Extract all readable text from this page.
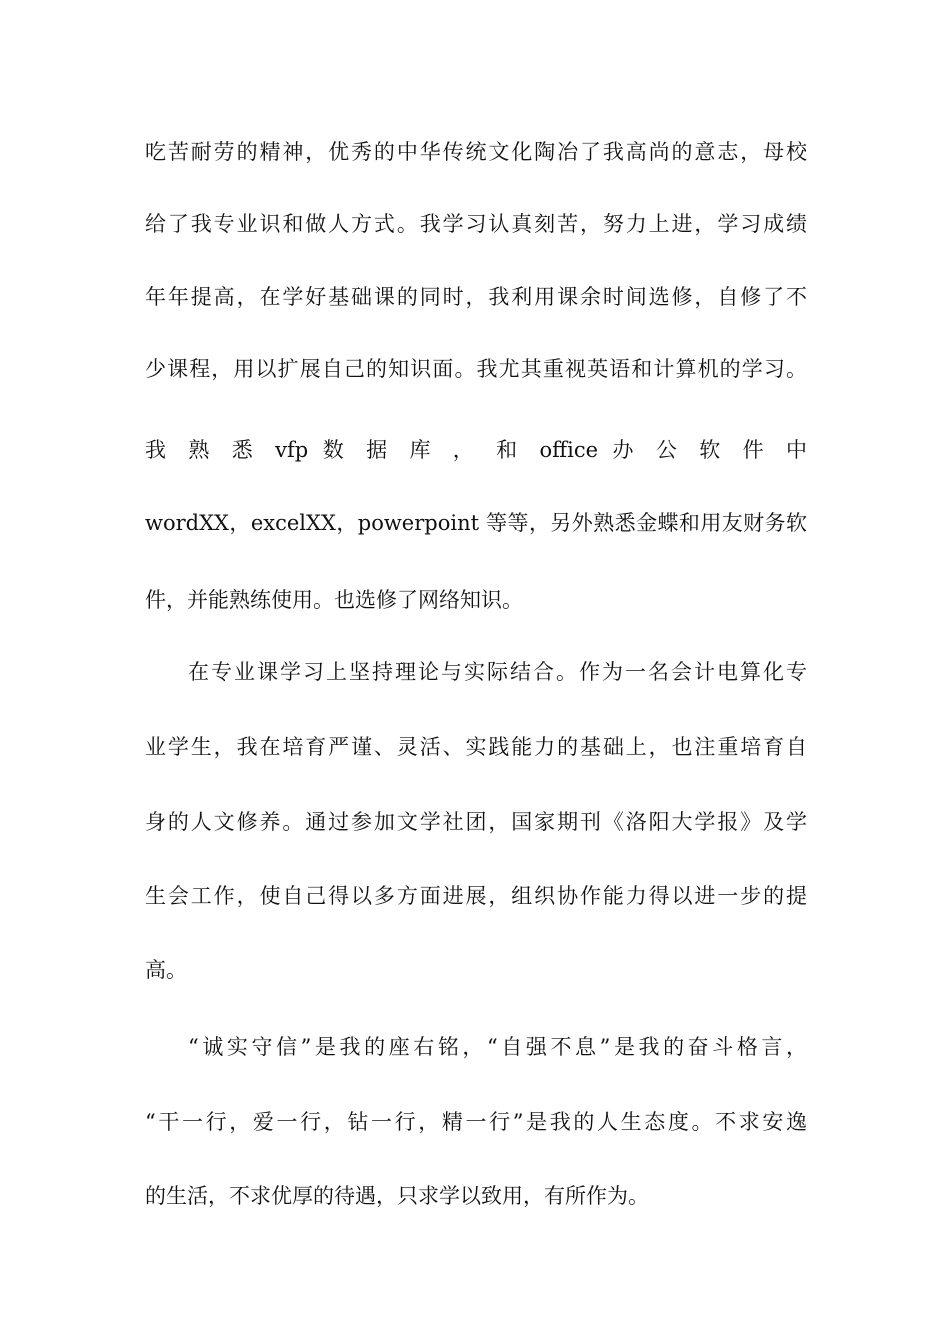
吃苦耐劳的精神，优秀的中华传统文化陶冶了我高尚的意志，母校
给了我专业识和做人方式。我学习认真刻苦，努力上进，学习成绩
年年提高，在学好基础课的同时，我利用课余时间选修，自修了不
少课程，用以扩展自己的知识面。我尤其重视英语和计算机的学习。
我 熟 悉 vfp 数 据 库 ， 和 office 办 公 软 件 中
wordXX，excelXX，powerpoint 等等，另外熟悉金蝶和用友财务软
件，并能熟练使用。也选修了网络知识。
在专业课学习上坚持理论与实际结合。作为一名会计电算化专
业学生，我在培育严谨、灵活、实践能力的基础上，也注重培育自
身的人文修养。通过参加文学社团，国家期刊《洛阳大学报》及学
生会工作，使自己得以多方面进展，组织协作能力得以进一步的提
高。
“诚实守信”是我的座右铭，“自强不息”是我的奋斗格言，
“干一行，爱一行，钻一行，精一行”是我的人生态度。不求安逸
的生活，不求优厚的待遇，只求学以致用，有所作为。
